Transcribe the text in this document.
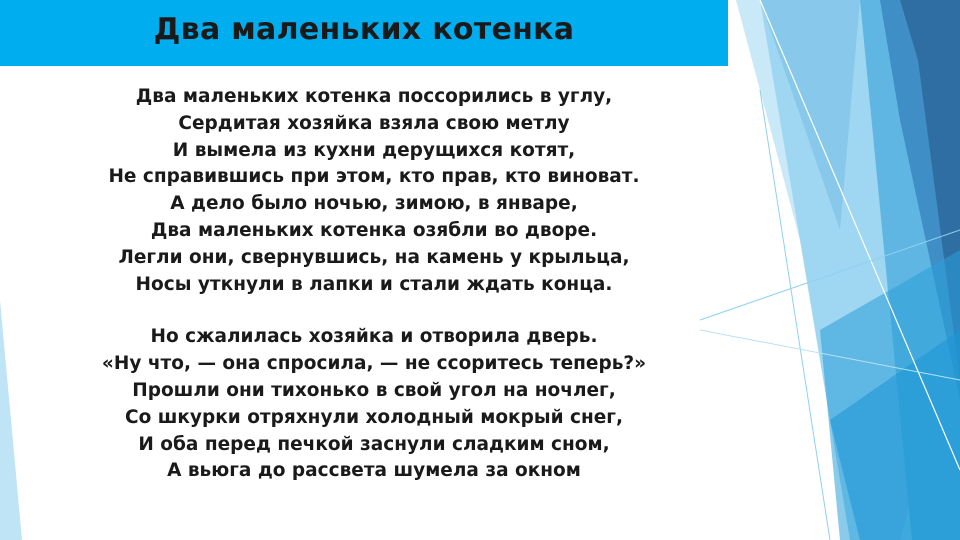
Два маленьких котенка
Два маленьких котенка поссорились в углу,
Сердитая хозяйка взяла свою метлу
И вымела из кухни дерущихся котят,
Не справившись при этом, кто прав, кто виноват.
А дело было ночью, зимою, в январе,
Два маленьких котенка озябли во дворе.
Легли они, свернувшись, на камень у крыльца,
Носы уткнули в лапки и стали ждать конца.
Но сжалилась хозяйка и отворила дверь.
«Ну что, — она спросила, — не ссоритесь теперь?»
Прошли они тихонько в свой угол на ночлег,
Со шкурки отряхнули холодный мокрый снег,
И оба перед печкой заснули сладким сном,
А вьюга до рассвета шумела за окном
